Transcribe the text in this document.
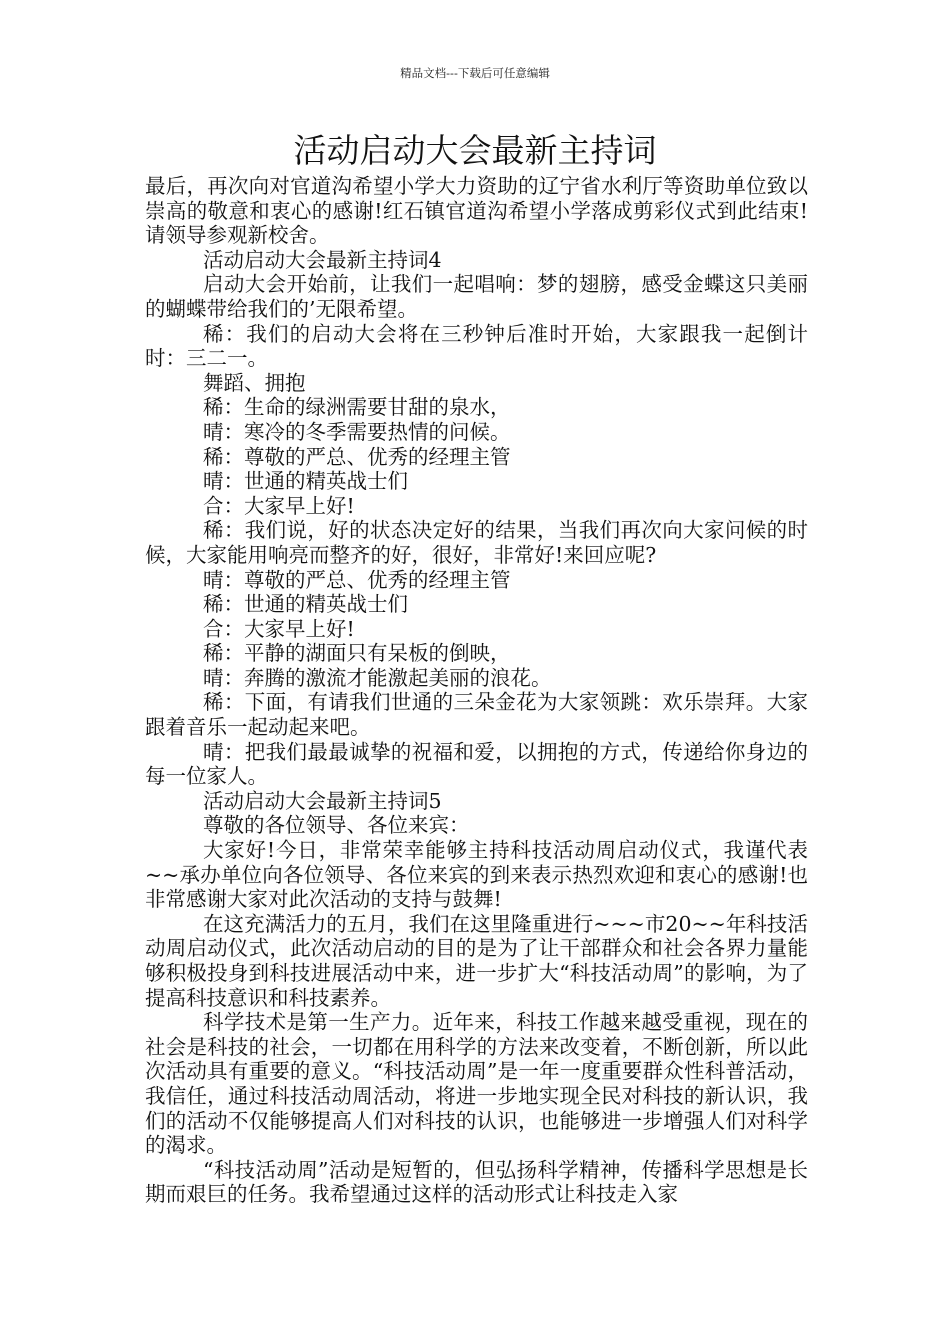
精品文档---下载后可任意编辑
活动启动大会最新主持词

最后，再次向对官道沟希望小学大力资助的辽宁省水利厅等资助单位致以崇高的敬意和衷心的感谢!红石镇官道沟希望小学落成剪彩仪式到此结束!请领导参观新校舍。

活动启动大会最新主持词4

启动大会开始前，让我们一起唱响：梦的翅膀，感受金蝶这只美丽的蝴蝶带给我们的’无限希望。

稀：我们的启动大会将在三秒钟后准时开始，大家跟我一起倒计时：三二一。

舞蹈、拥抱

稀：生命的绿洲需要甘甜的泉水，

晴：寒冷的冬季需要热情的问候。

稀：尊敬的严总、优秀的经理主管

晴：世通的精英战士们

合：大家早上好!

稀：我们说，好的状态决定好的结果，当我们再次向大家问候的时候，大家能用响亮而整齐的好，很好，非常好!来回应呢?

晴：尊敬的严总、优秀的经理主管

稀：世通的精英战士们

合：大家早上好!

稀：平静的湖面只有呆板的倒映，

晴：奔腾的激流才能激起美丽的浪花。

稀：下面，有请我们世通的三朵金花为大家领跳：欢乐崇拜。大家跟着音乐一起动起来吧。

晴：把我们最最诚挚的祝福和爱，以拥抱的方式，传递给你身边的每一位家人。

活动启动大会最新主持词5

尊敬的各位领导、各位来宾：

大家好!今日，非常荣幸能够主持科技活动周启动仪式，我谨代表~~承办单位向各位领导、各位来宾的到来表示热烈欢迎和衷心的感谢!也非常感谢大家对此次活动的支持与鼓舞!

在这充满活力的五月，我们在这里隆重进行~~~市20~~年科技活动周启动仪式，此次活动启动的目的是为了让干部群众和社会各界力量能够积极投身到科技进展活动中来，进一步扩大“科技活动周”的影响，为了提高科技意识和科技素养。

科学技术是第一生产力。近年来，科技工作越来越受重视，现在的社会是科技的社会，一切都在用科学的方法来改变着，不断创新，所以此次活动具有重要的意义。“科技活动周”是一年一度重要群众性科普活动，我信任，通过科技活动周活动，将进一步地实现全民对科技的新认识，我们的活动不仅能够提高人们对科技的认识，也能够进一步增强人们对科学的渴求。

“科技活动周”活动是短暂的，但弘扬科学精神，传播科学思想是长期而艰巨的任务。我希望通过这样的活动形式让科技走入家
